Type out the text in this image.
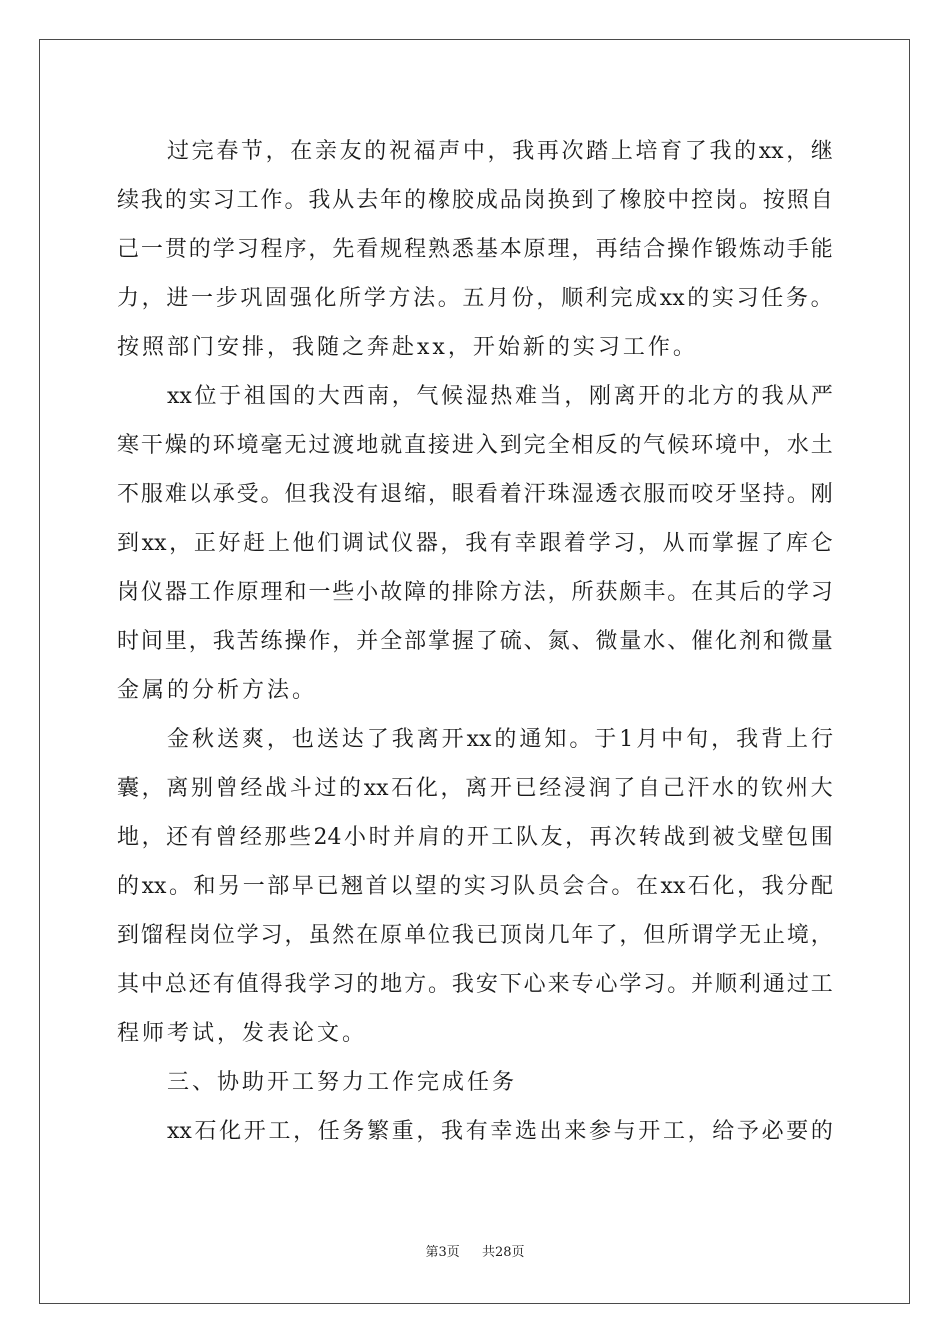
过 完 春 节 ， 在 亲 友 的 祝 福 声 中 ， 我 再 次 踏 上 培 育 了 我 的 xx ， 继
续 我 的 实 习 工 作 。 我 从 去 年 的 橡 胶 成 品 岗 换 到 了 橡 胶 中 控 岗 。 按 照 自
己 一 贯 的 学 习 程 序 ， 先 看 规 程 熟 悉 基 本 原 理 ， 再 结 合 操 作 锻 炼 动 手 能
力 ， 进 一 步 巩 固 强 化 所 学 方 法 。 五 月 份 ， 顺 利 完 成 xx 的 实 习 任 务 。
按照部门安排，我随之奔赴xx，开始新的实习工作。
xx 位 于 祖 国 的 大 西 南 ， 气 候 湿 热 难 当 ， 刚 离 开 的 北 方 的 我 从 严
寒 干 燥 的 环 境 毫 无 过 渡 地 就 直 接 进 入 到 完 全 相 反 的 气 候 环 境 中 ， 水 土
不 服 难 以 承 受 。 但 我 没 有 退 缩 ， 眼 看 着 汗 珠 湿 透 衣 服 而 咬 牙 坚 持 。 刚
到 xx ， 正 好 赶 上 他 们 调 试 仪 器 ， 我 有 幸 跟 着 学 习 ， 从 而 掌 握 了 库 仑
岗 仪 器 工 作 原 理 和 一 些 小 故 障 的 排 除 方 法 ， 所 获 颇 丰 。 在 其 后 的 学 习
时 间 里 ， 我 苦 练 操 作 ， 并 全 部 掌 握 了 硫 、 氮 、 微 量 水 、 催 化 剂 和 微 量
金属的分析方法。
金 秋 送 爽 ， 也 送 达 了 我 离 开 xx 的 通 知 。 于 1 月 中 旬 ， 我 背 上 行
囊 ， 离 别 曾 经 战 斗 过 的 xx 石 化 ， 离 开 已 经 浸 润 了 自 己 汗 水 的 钦 州 大
地 ， 还 有 曾 经 那 些 24 小 时 并 肩 的 开 工 队 友 ， 再 次 转 战 到 被 戈 壁 包 围
的 xx 。 和 另 一 部 早 已 翘 首 以 望 的 实 习 队 员 会 合 。 在 xx 石 化 ， 我 分 配
到 馏 程 岗 位 学 习 ， 虽 然 在 原 单 位 我 已 顶 岗 几 年 了 ， 但 所 谓 学 无 止 境 ，
其 中 总 还 有 值 得 我 学 习 的 地 方 。 我 安 下 心 来 专 心 学 习 。 并 顺 利 通 过 工
程师考试，发表论文。
三、协助开工努力工作完成任务
xx 石 化 开 工 ， 任 务 繁 重 ， 我 有 幸 选 出 来 参 与 开 工 ， 给 予 必 要 的
第3页 共28页
